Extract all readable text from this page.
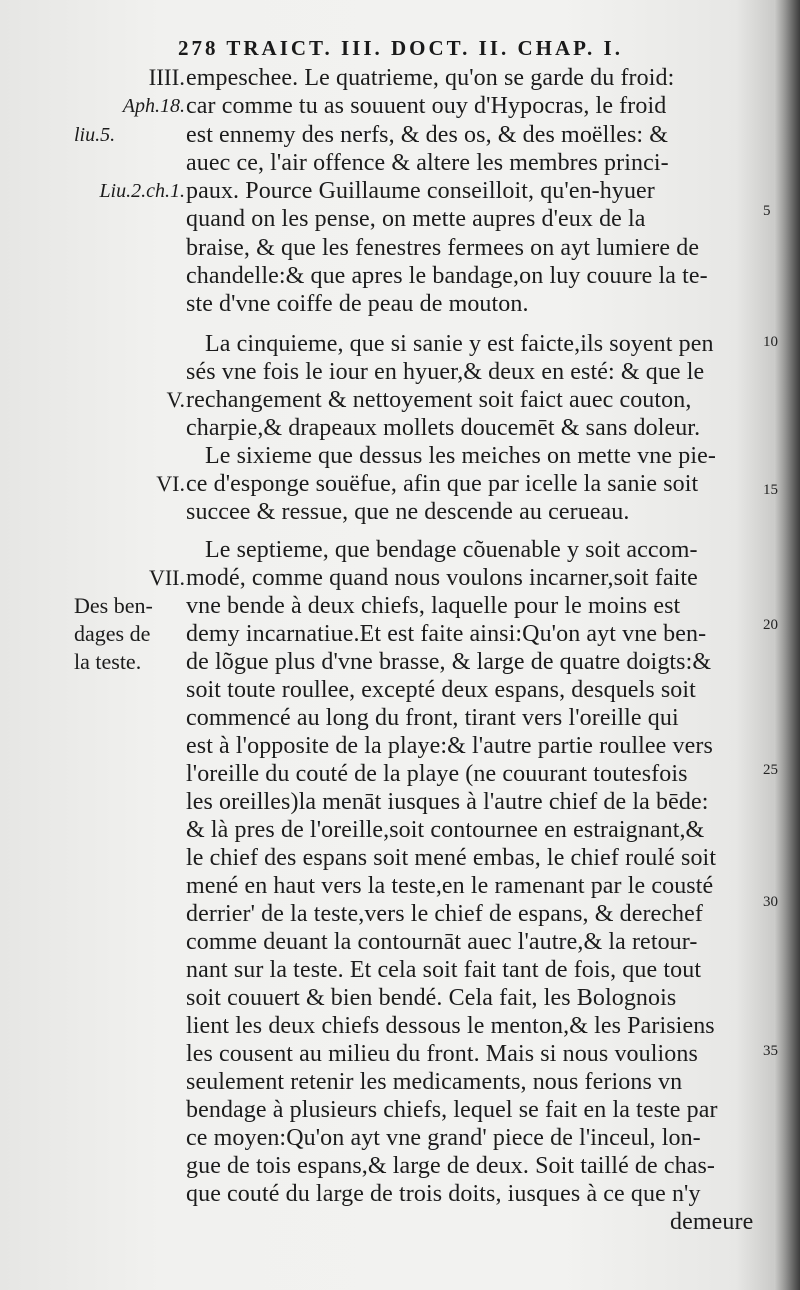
278 TRAICT. III. DOCT. II. CHAP. I.
IIII.
Aph.18.
liu.5.
Liu.2.ch.1.
V.
VI.
VII.
Des ben-
dages de
la teste.
5
10
15
20
25
30
35
empeschee. Le quatrieme, qu'on se garde du froid:
car comme tu as souuent ouy d'Hypocras, le froid
est ennemy des nerfs, & des os, & des moëlles: &
auec ce, l'air offence & altere les membres princi-
paux. Pource Guillaume conseilloit, qu'en-hyuer
quand on les pense, on mette aupres d'eux de la
braise, & que les fenestres fermees on ayt lumiere de
chandelle:& que apres le bandage,on luy couure la te-
ste d'vne coiffe de peau de mouton.
La cinquieme, que si sanie y est faicte,ils soyent pen
sés vne fois le iour en hyuer,& deux en esté: & que le
rechangement & nettoyement soit faict auec couton,
charpie,& drapeaux mollets doucemēt & sans doleur.
Le sixieme que dessus les meiches on mette vne pie-
ce d'esponge souëfue, afin que par icelle la sanie soit
succee & ressue, que ne descende au cerueau.
Le septieme, que bendage cõuenable y soit accom-
modé, comme quand nous voulons incarner,soit faite
vne bende à deux chiefs, laquelle pour le moins est
demy incarnatiue.Et est faite ainsi:Qu'on ayt vne ben-
de lõgue plus d'vne brasse, & large de quatre doigts:&
soit toute roullee, excepté deux espans, desquels soit
commencé au long du front, tirant vers l'oreille qui
est à l'opposite de la playe:& l'autre partie roullee vers
l'oreille du couté de la playe (ne couurant toutesfois
les oreilles)la menāt iusques à l'autre chief de la bēde:
& là pres de l'oreille,soit contournee en estraignant,&
le chief des espans soit mené embas, le chief roulé soit
mené en haut vers la teste,en le ramenant par le cousté
derrier' de la teste,vers le chief de espans, & derechef
comme deuant la contournāt auec l'autre,& la retour-
nant sur la teste. Et cela soit fait tant de fois, que tout
soit couuert & bien bendé. Cela fait, les Bolognois
lient les deux chiefs dessous le menton,& les Parisiens
les cousent au milieu du front. Mais si nous voulions
seulement retenir les medicaments, nous ferions vn
bendage à plusieurs chiefs, lequel se fait en la teste par
ce moyen:Qu'on ayt vne grand' piece de l'inceul, lon-
gue de tois espans,& large de deux. Soit taillé de chas-
que couté du large de trois doits, iusques à ce que n'y
demeure
